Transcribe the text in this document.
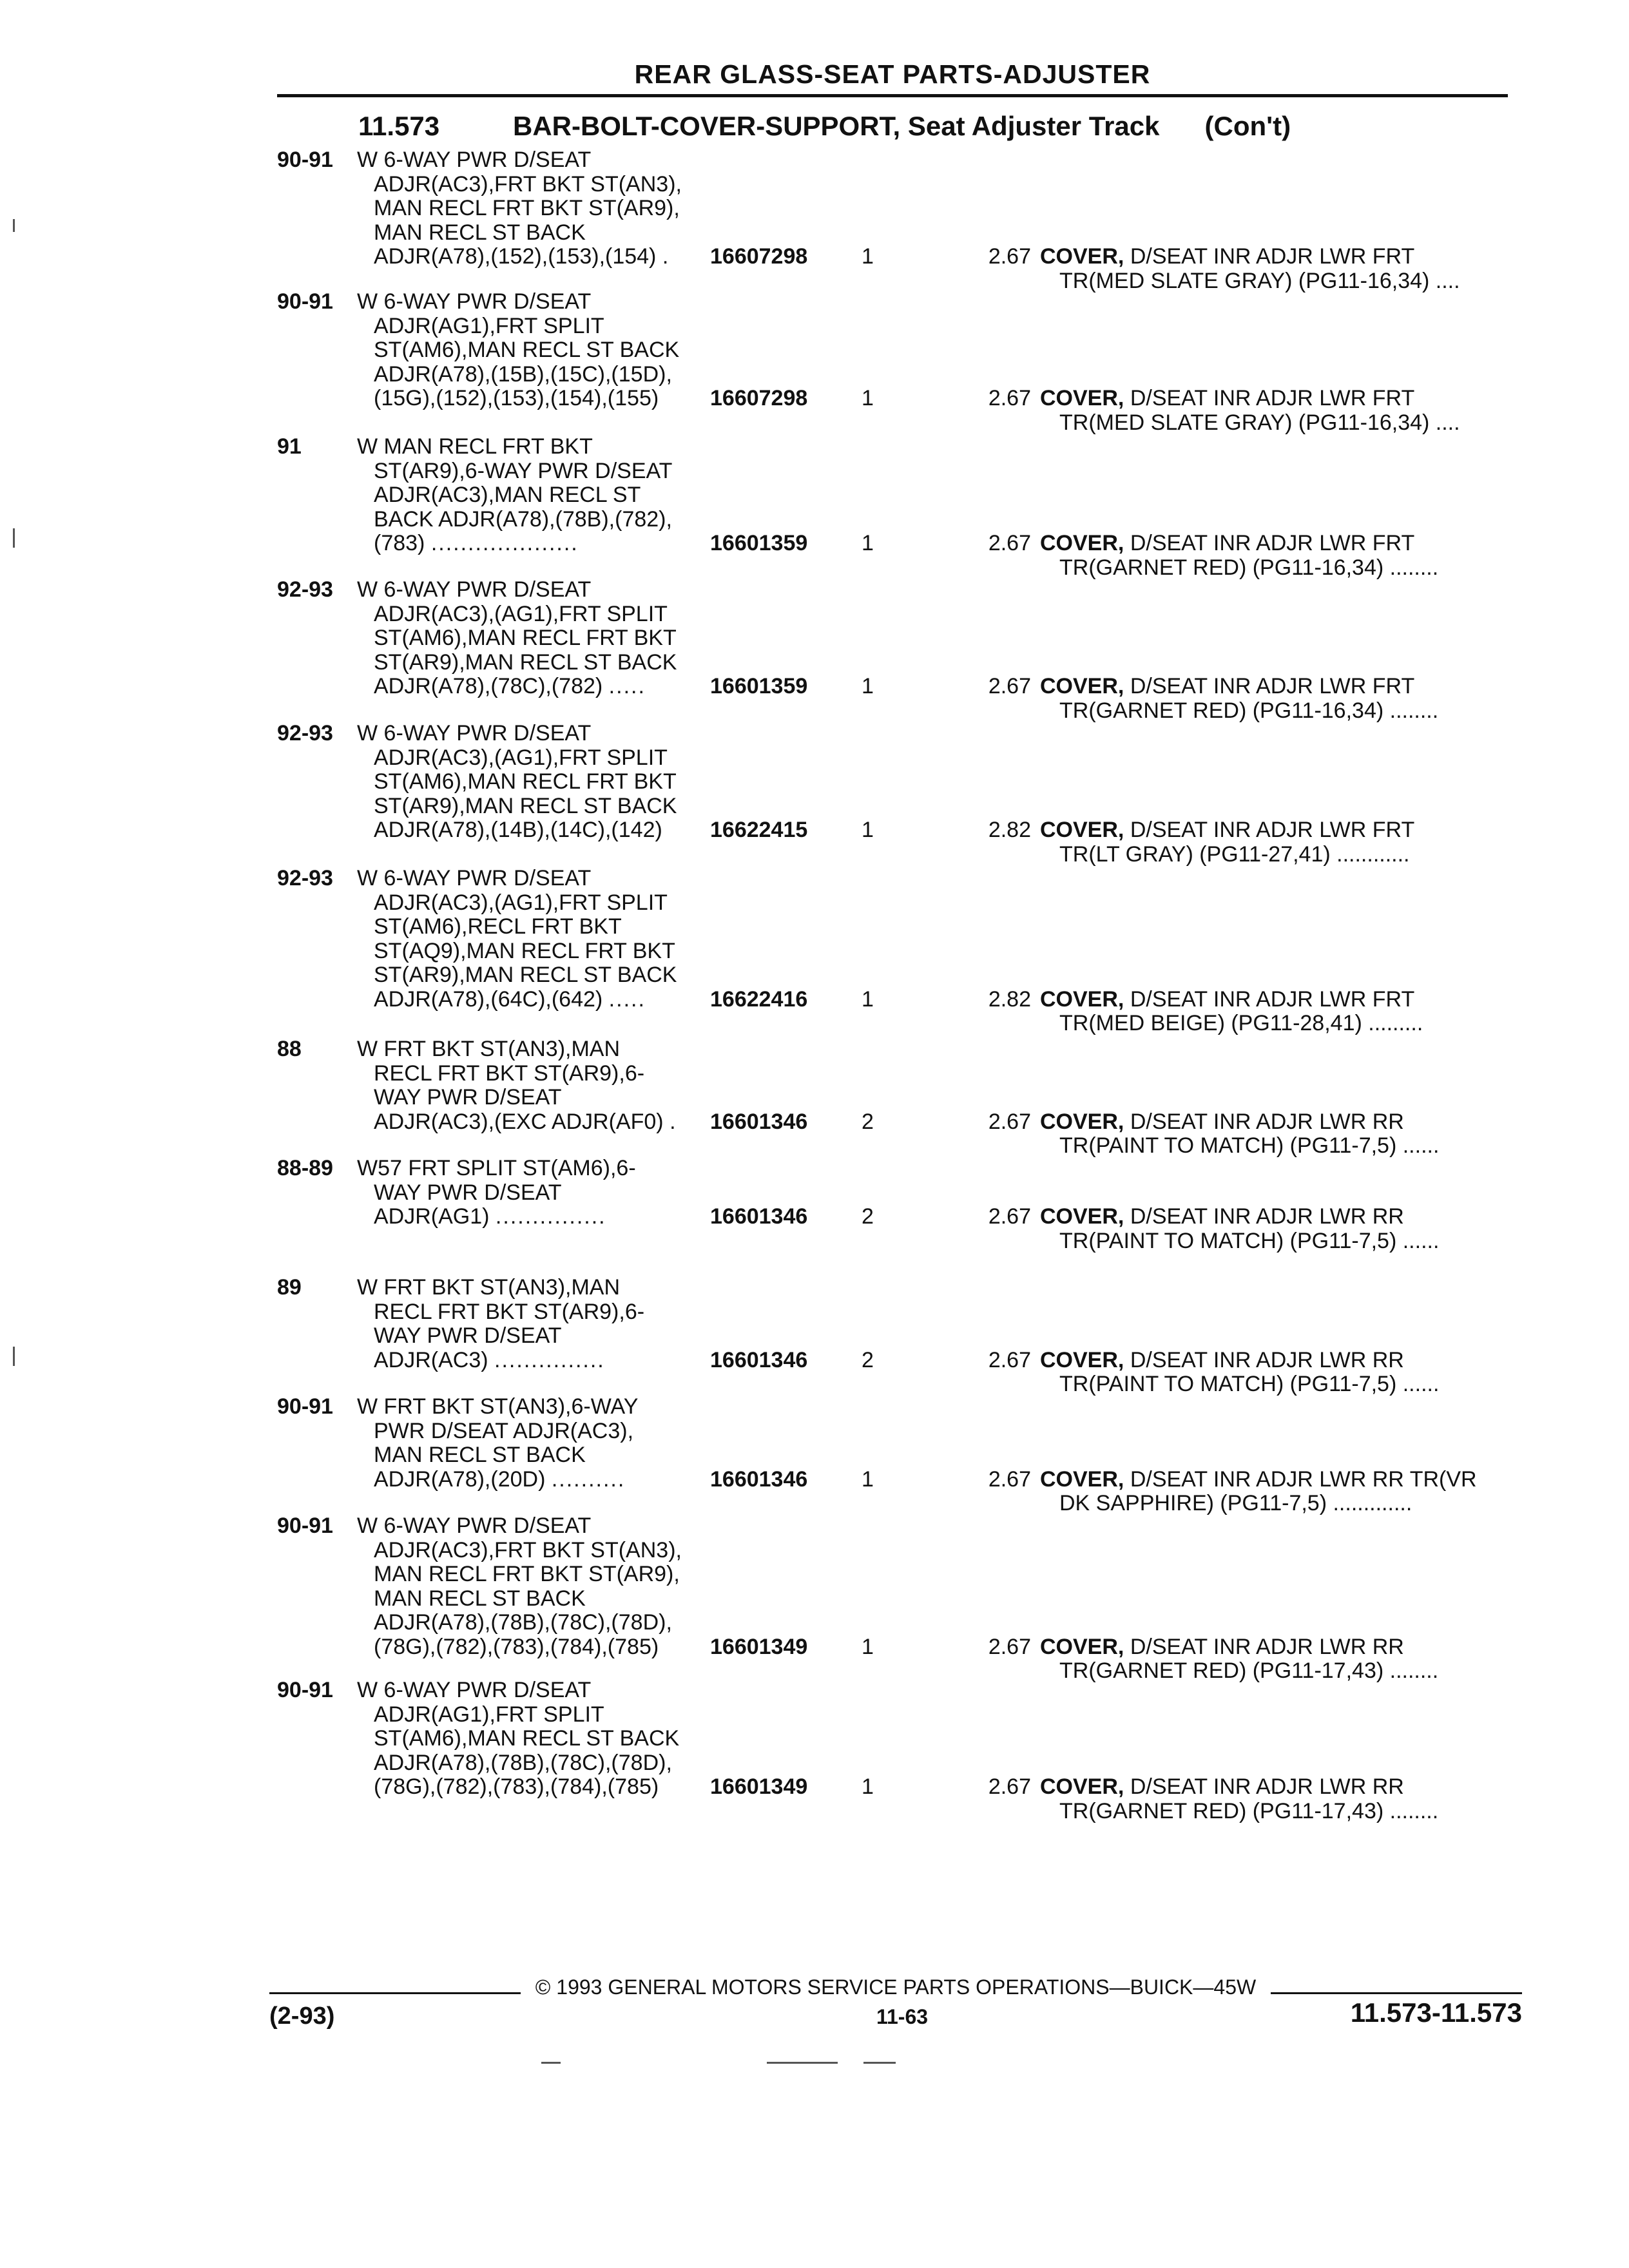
REAR GLASS-SEAT PARTS-ADJUSTER
11.573	BAR-BOLT-COVER-SUPPORT, Seat Adjuster Track (Con't)
90-91	W 6-WAY PWR D/SEAT
ADJR(AC3),FRT BKT ST(AN3),
MAN RECL FRT BKT ST(AR9),
MAN RECL ST BACK
ADJR(A78),(152),(153),(154) .	16607298	1	2.67 COVER, D/SEAT INR ADJR LWR FRT
TR(MED SLATE GRAY) (PG11-16,34) ....
90-91	W 6-WAY PWR D/SEAT
ADJR(AG1),FRT SPLIT
ST(AM6),MAN RECL ST BACK
ADJR(A78),(15B),(15C),(15D),
(15G),(152),(153),(154),(155)	16607298	1	2.67 COVER, D/SEAT INR ADJR LWR FRT
TR(MED SLATE GRAY) (PG11-16,34) ....
91	W MAN RECL FRT BKT
ST(AR9),6-WAY PWR D/SEAT
ADJR(AC3),MAN RECL ST
BACK ADJR(A78),(78B),(782),
(783) ....................	16601359	1	2.67 COVER, D/SEAT INR ADJR LWR FRT
TR(GARNET RED) (PG11-16,34) ........
92-93	W 6-WAY PWR D/SEAT
ADJR(AC3),(AG1),FRT SPLIT
ST(AM6),MAN RECL FRT BKT
ST(AR9),MAN RECL ST BACK
ADJR(A78),(78C),(782) .....	16601359	1	2.67 COVER, D/SEAT INR ADJR LWR FRT
TR(GARNET RED) (PG11-16,34) ........
92-93	W 6-WAY PWR D/SEAT
ADJR(AC3),(AG1),FRT SPLIT
ST(AM6),MAN RECL FRT BKT
ST(AR9),MAN RECL ST BACK
ADJR(A78),(14B),(14C),(142)	16622415	1	2.82 COVER, D/SEAT INR ADJR LWR FRT
TR(LT GRAY) (PG11-27,41) ............
92-93	W 6-WAY PWR D/SEAT
ADJR(AC3),(AG1),FRT SPLIT
ST(AM6),RECL FRT BKT
ST(AQ9),MAN RECL FRT BKT
ST(AR9),MAN RECL ST BACK
ADJR(A78),(64C),(642) .....	16622416	1	2.82 COVER, D/SEAT INR ADJR LWR FRT
TR(MED BEIGE) (PG11-28,41) .........
88	W FRT BKT ST(AN3),MAN
RECL FRT BKT ST(AR9),6-
WAY PWR D/SEAT
ADJR(AC3),(EXC ADJR(AF0) .	16601346	2	2.67 COVER, D/SEAT INR ADJR LWR RR
TR(PAINT TO MATCH) (PG11-7,5) ......
88-89	W57 FRT SPLIT ST(AM6),6-
WAY PWR D/SEAT
ADJR(AG1) ...............	16601346	2	2.67 COVER, D/SEAT INR ADJR LWR RR
TR(PAINT TO MATCH) (PG11-7,5) ......
89	W FRT BKT ST(AN3),MAN
RECL FRT BKT ST(AR9),6-
WAY PWR D/SEAT
ADJR(AC3) ...............	16601346	2	2.67 COVER, D/SEAT INR ADJR LWR RR
TR(PAINT TO MATCH) (PG11-7,5) ......
90-91	W FRT BKT ST(AN3),6-WAY
PWR D/SEAT ADJR(AC3),
MAN RECL ST BACK
ADJR(A78),(20D) ..........	16601346	1	2.67 COVER, D/SEAT INR ADJR LWR RR TR(VR
DK SAPPHIRE) (PG11-7,5) .............
90-91	W 6-WAY PWR D/SEAT
ADJR(AC3),FRT BKT ST(AN3),
MAN RECL FRT BKT ST(AR9),
MAN RECL ST BACK
ADJR(A78),(78B),(78C),(78D),
(78G),(782),(783),(784),(785)	16601349	1	2.67 COVER, D/SEAT INR ADJR LWR RR
TR(GARNET RED) (PG11-17,43) ........
90-91	W 6-WAY PWR D/SEAT
ADJR(AG1),FRT SPLIT
ST(AM6),MAN RECL ST BACK
ADJR(A78),(78B),(78C),(78D),
(78G),(782),(783),(784),(785)	16601349	1	2.67 COVER, D/SEAT INR ADJR LWR RR
TR(GARNET RED) (PG11-17,43) ........
© 1993 GENERAL MOTORS SERVICE PARTS OPERATIONS—BUICK—45W
(2-93)	11-63	11.573-11.573
